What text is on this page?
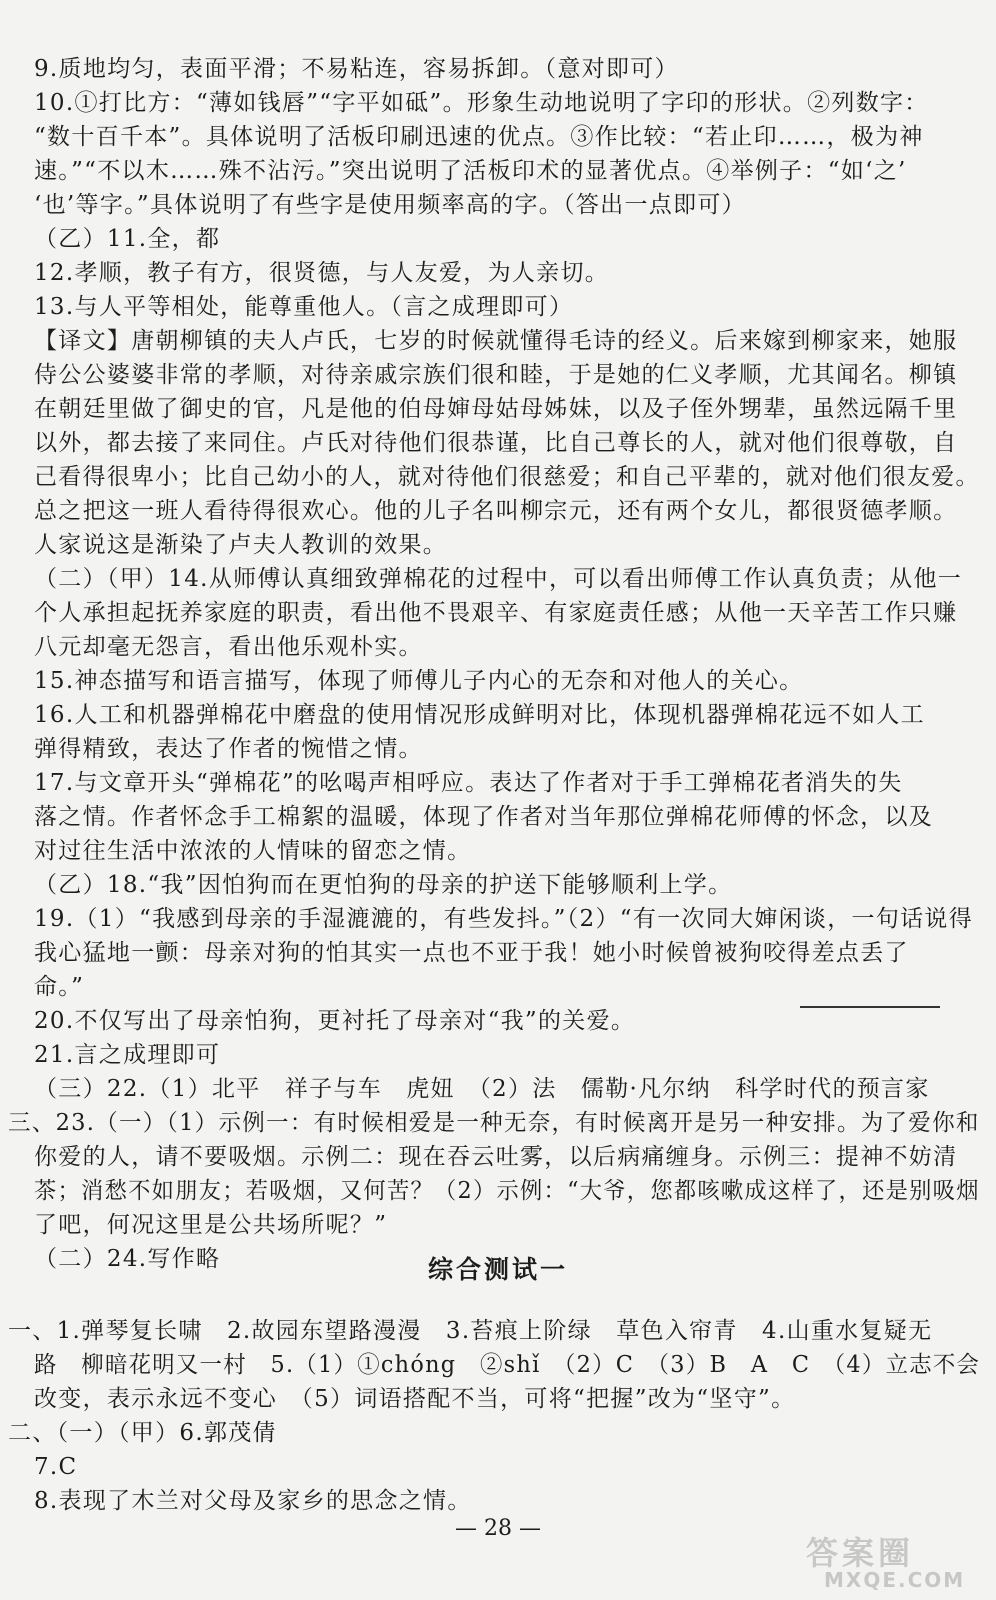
9.质地均匀，表面平滑；不易粘连，容易拆卸。（意对即可）
10.①打比方：“薄如钱唇”“字平如砥”。形象生动地说明了字印的形状。②列数字：
“数十百千本”。具体说明了活板印刷迅速的优点。③作比较：“若止印……，极为神
速。”“不以木……殊不沾污。”突出说明了活板印术的显著优点。④举例子：“如‘之’
‘也’等字。”具体说明了有些字是使用频率高的字。（答出一点即可）
（乙）11.全，都
12.孝顺，教子有方，很贤德，与人友爱，为人亲切。
13.与人平等相处，能尊重他人。（言之成理即可）
【译文】唐朝柳镇的夫人卢氏，七岁的时候就懂得毛诗的经义。后来嫁到柳家来，她服
侍公公婆婆非常的孝顺，对待亲戚宗族们很和睦，于是她的仁义孝顺，尤其闻名。柳镇
在朝廷里做了御史的官，凡是他的伯母婶母姑母姊妹，以及子侄外甥辈，虽然远隔千里
以外，都去接了来同住。卢氏对待他们很恭谨，比自己尊长的人，就对他们很尊敬，自
己看得很卑小；比自己幼小的人，就对待他们很慈爱；和自己平辈的，就对他们很友爱。
总之把这一班人看待得很欢心。他的儿子名叫柳宗元，还有两个女儿，都很贤德孝顺。
人家说这是渐染了卢夫人教训的效果。
（二）（甲）14.从师傅认真细致弹棉花的过程中，可以看出师傅工作认真负责；从他一
个人承担起抚养家庭的职责，看出他不畏艰辛、有家庭责任感；从他一天辛苦工作只赚
八元却毫无怨言，看出他乐观朴实。
15.神态描写和语言描写，体现了师傅儿子内心的无奈和对他人的关心。
16.人工和机器弹棉花中磨盘的使用情况形成鲜明对比，体现机器弹棉花远不如人工
弹得精致，表达了作者的惋惜之情。
17.与文章开头“弹棉花”的吆喝声相呼应。表达了作者对于手工弹棉花者消失的失
落之情。作者怀念手工棉絮的温暖，体现了作者对当年那位弹棉花师傅的怀念，以及
对过往生活中浓浓的人情味的留恋之情。
（乙）18.“我”因怕狗而在更怕狗的母亲的护送下能够顺利上学。
19.（1）“我感到母亲的手湿漉漉的，有些发抖。”（2）“有一次同大婶闲谈，一句话说得
我心猛地一颤：母亲对狗的怕其实一点也不亚于我！她小时候曾被狗咬得差点丢了
命。”
20.不仅写出了母亲怕狗，更衬托了母亲对“我”的关爱。
21.言之成理即可
（三）22.（1）北平　祥子与车　虎妞　（2）法　儒勒·凡尔纳　科学时代的预言家
三、23.（一）（1）示例一：有时候相爱是一种无奈，有时候离开是另一种安排。为了爱你和
你爱的人，请不要吸烟。示例二：现在吞云吐雾，以后病痛缠身。示例三：提神不妨清
茶；消愁不如朋友；若吸烟，又何苦？（2）示例：“大爷，您都咳嗽成这样了，还是别吸烟
了吧，何况这里是公共场所呢？”
（二）24.写作略
一、1.弹琴复长啸　2.故园东望路漫漫　3.苔痕上阶绿　草色入帘青　4.山重水复疑无
路　柳暗花明又一村　5.（1）①chóng　②shǐ　（2）C　（3）B　A　C　（4）立志不会
改变，表示永远不变心　（5）词语搭配不当，可将“把握”改为“坚守”。
二、（一）（甲）6.郭茂倩
7.C
8.表现了木兰对父母及家乡的思念之情。
综合测试一
— 28 —
答案圈
MXQE.COM
